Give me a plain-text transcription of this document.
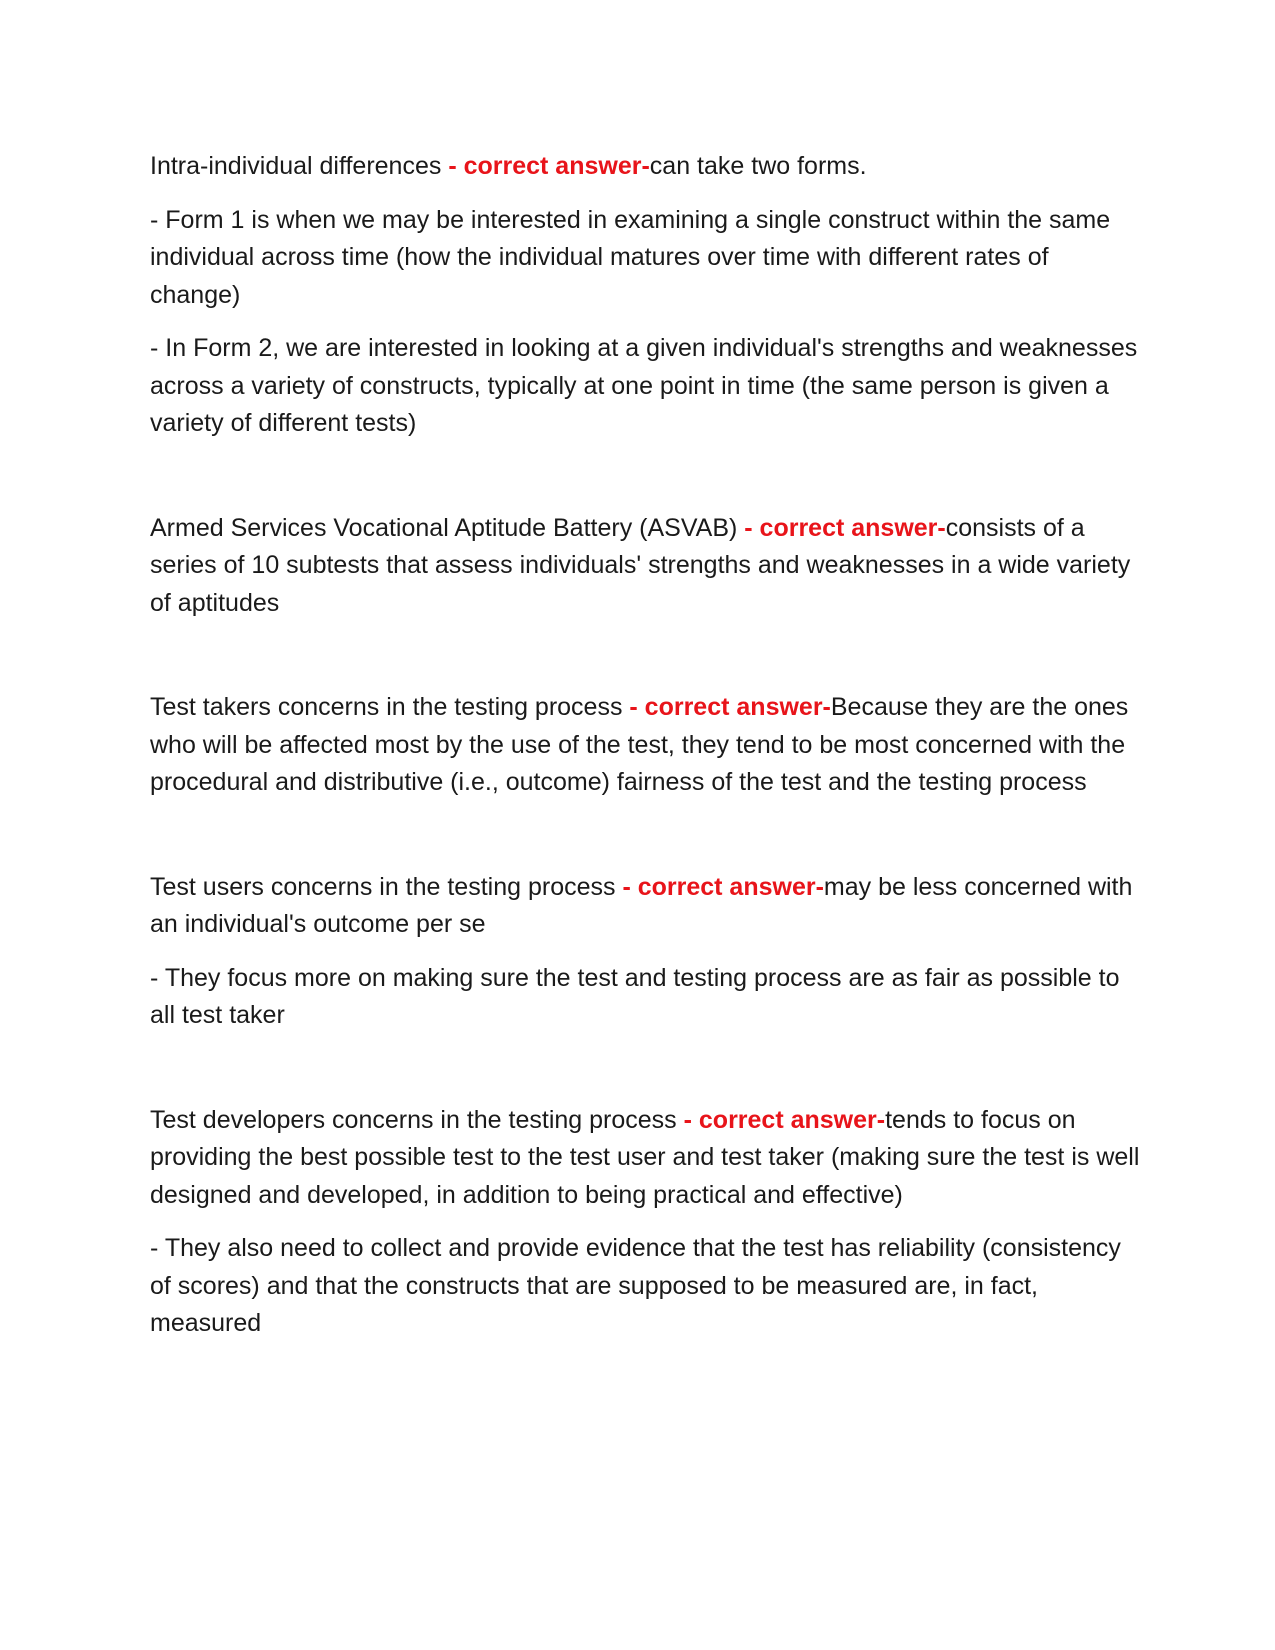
Intra-individual differences - correct answer-can take two forms.

- Form 1 is when we may be interested in examining a single construct within the same individual across time (how the individual matures over time with different rates of change)

- In Form 2, we are interested in looking at a given individual's strengths and weaknesses across a variety of constructs, typically at one point in time (the same person is given a variety of different tests)

Armed Services Vocational Aptitude Battery (ASVAB) - correct answer-consists of a series of 10 subtests that assess individuals' strengths and weaknesses in a wide variety of aptitudes

Test takers concerns in the testing process - correct answer-Because they are the ones who will be affected most by the use of the test, they tend to be most concerned with the procedural and distributive (i.e., outcome) fairness of the test and the testing process

Test users concerns in the testing process - correct answer-may be less concerned with an individual's outcome per se

- They focus more on making sure the test and testing process are as fair as possible to all test taker

Test developers concerns in the testing process - correct answer-tends to focus on providing the best possible test to the test user and test taker (making sure the test is well designed and developed, in addition to being practical and effective)

- They also need to collect and provide evidence that the test has reliability (consistency of scores) and that the constructs that are supposed to be measured are, in fact, measured
